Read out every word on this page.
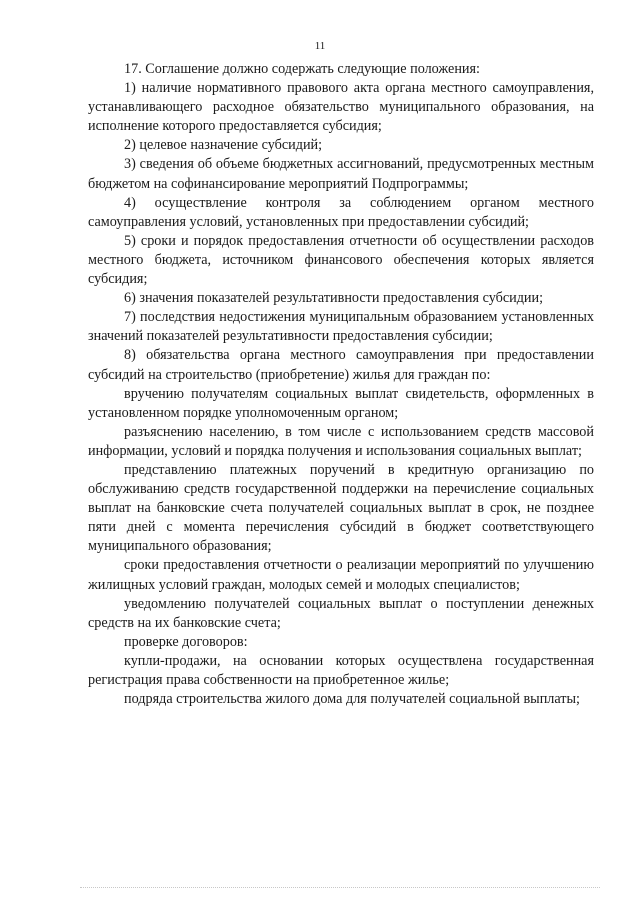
11

17. Соглашение должно содержать следующие положения:

1) наличие нормативного правового акта органа местного самоуправления, устанавливающего расходное обязательство муниципального образования, на исполнение которого предоставляется субсидия;

2) целевое назначение субсидий;

3) сведения об объеме бюджетных ассигнований, предусмотренных местным бюджетом на софинансирование мероприятий Подпрограммы;

4) осуществление контроля за соблюдением органом местного самоуправления условий, установленных при предоставлении субсидий;

5) сроки и порядок предоставления отчетности об осуществлении расходов местного бюджета, источником финансового обеспечения которых является субсидия;

6) значения показателей результативности предоставления субсидии;

7) последствия недостижения муниципальным образованием установленных значений показателей результативности предоставления субсидии;

8) обязательства органа местного самоуправления при предоставлении субсидий на строительство (приобретение) жилья для граждан по:

вручению получателям социальных выплат свидетельств, оформленных в установленном порядке уполномоченным органом;

разъяснению населению, в том числе с использованием средств массовой информации, условий и порядка получения и использования социальных выплат;

представлению платежных поручений в кредитную организацию по обслуживанию средств государственной поддержки на перечисление социальных выплат на банковские счета получателей социальных выплат в срок, не позднее пяти дней с момента перечисления субсидий в бюджет соответствующего муниципального образования;

сроки предоставления отчетности о реализации мероприятий по улучшению жилищных условий граждан, молодых семей и молодых специалистов;

уведомлению получателей социальных выплат о поступлении денежных средств на их банковские счета;

проверке договоров:

купли-продажи, на основании которых осуществлена государственная регистрация права собственности на приобретенное жилье;

подряда строительства жилого дома для получателей социальной выплаты;
